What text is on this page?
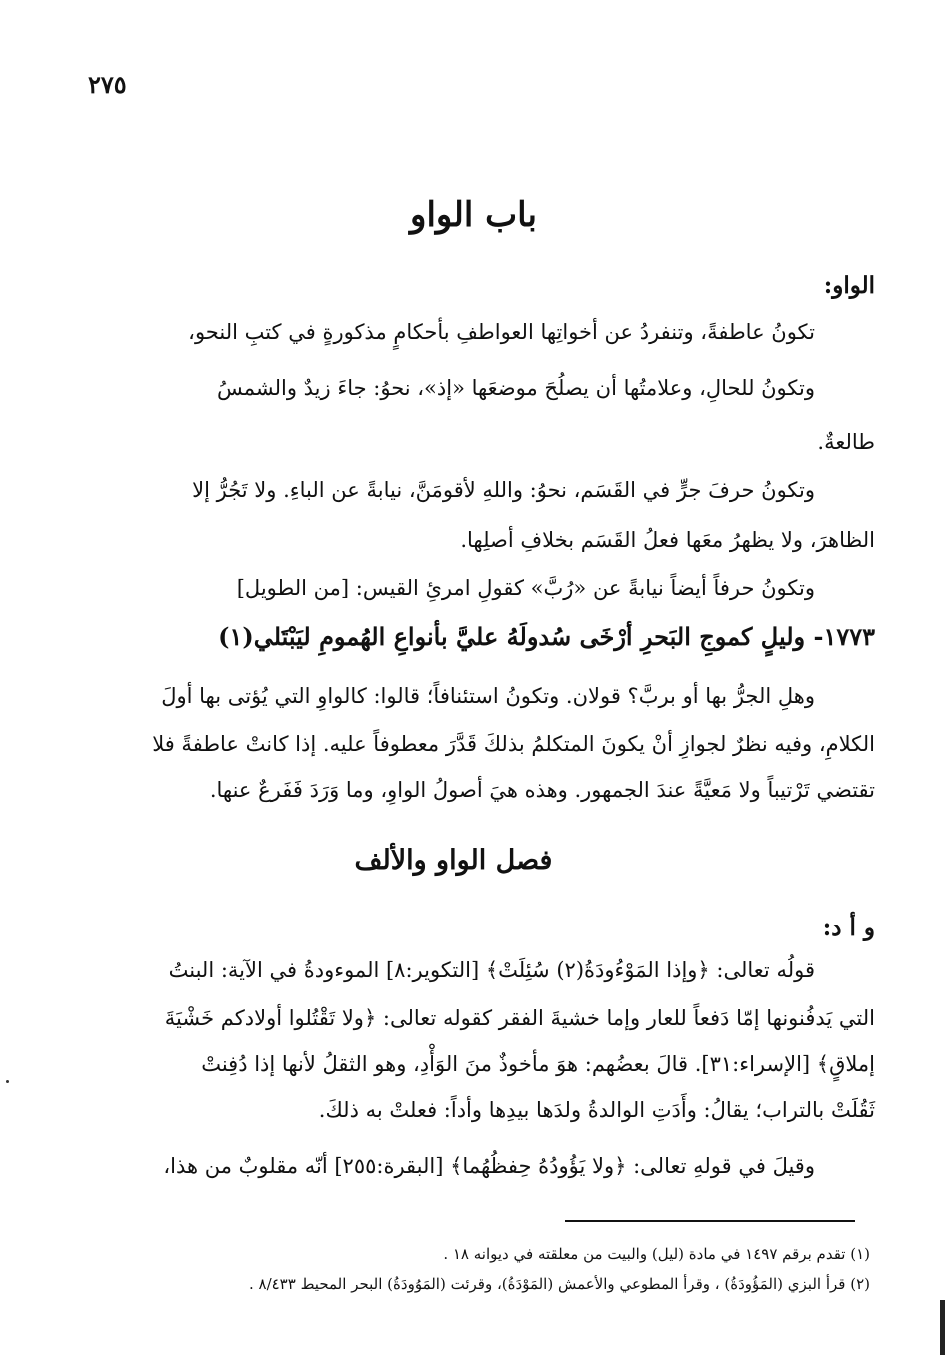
٢٧٥
باب الواو
الواو:
تكونُ عاطفةً، وتنفردُ عن أخواتِها العواطفِ بأحكامٍ مذكورةٍ في كتبِ النحو،
وتكونُ للحالِ، وعلامتُها أن يصلُحَ موضعَها «إذ»، نحوُ: جاءَ زيدٌ والشمسُ
طالعةٌ.
وتكونُ حرفَ جرٍّ في القَسَم، نحوُ: واللهِ لأقومَنَّ، نيابةً عن الباءِ. ولا تَجُرُّ إلا
الظاهرَ، ولا يظهرُ معَها فعلُ القَسَم بخلافِ أصلِها.
وتكونُ حرفاً أيضاً نيابةً عن «رُبَّ» كقولِ امرئِ القيس: [من الطويل]
١٧٧٣- وليلٍ كموجِ البَحرِ أرْخَى سُدولَهُ عليَّ بأنواعِ الهُمومِ ليَبْتَلي(١)
وهلِ الجرُّ بها أو بربَّ؟ قولان. وتكونُ استئنافاً؛ قالوا: كالواوِ التي يُؤتى بها أولَ
الكلامِ، وفيه نظرٌ لجوازِ أنْ يكونَ المتكلمُ بذلكَ قَدَّرَ معطوفاً عليه. إذا كانتْ عاطفةً فلا
تقتضي تَرْتيباً ولا مَعيَّةً عندَ الجمهور. وهذه هيَ أصولُ الواوِ، وما وَرَدَ فَفَرعٌ عنها.
فصل الواو والألف
و أ د:
قولُه تعالى: ﴿وإذا المَوْءُودَةُ(٢) سُئِلَتْ﴾ [التكوير:٨] الموءودةُ في الآية: البنتُ
التي يَدفُنونها إمّا دَفعاً للعار وإما خشيةَ الفقر كقوله تعالى: ﴿ولا تَقْتُلوا أولادكم خَشْيَةَ
إملاقٍ﴾ [الإسراء:٣١]. قالَ بعضُهم: هوَ مأخوذٌ منَ الوَأْدِ، وهو الثقلُ لأنها إذا دُفِنتْ
ثَقُلَتْ بالتراب؛ يقالُ: وأَدَتِ الوالدةُ ولدَها بيدِها وأداً: فعلتْ به ذلكَ.
وقيلَ في قولهِ تعالى: ﴿ولا يَؤُودُهُ حِفظُهُما﴾ [البقرة:٢٥٥] أنّه مقلوبٌ من هذا،
(١) تقدم برقم ١٤٩٧ في مادة (ليل) والبيت من معلقته في ديوانه ١٨ .
(٢) قرأ البزي (المَؤُودَةُ) ، وقرأ المطوعي والأعمش (المَوْدَةُ)، وقرئت (المَوُودَةُ) البحر المحيط ٨/٤٣٣ .
